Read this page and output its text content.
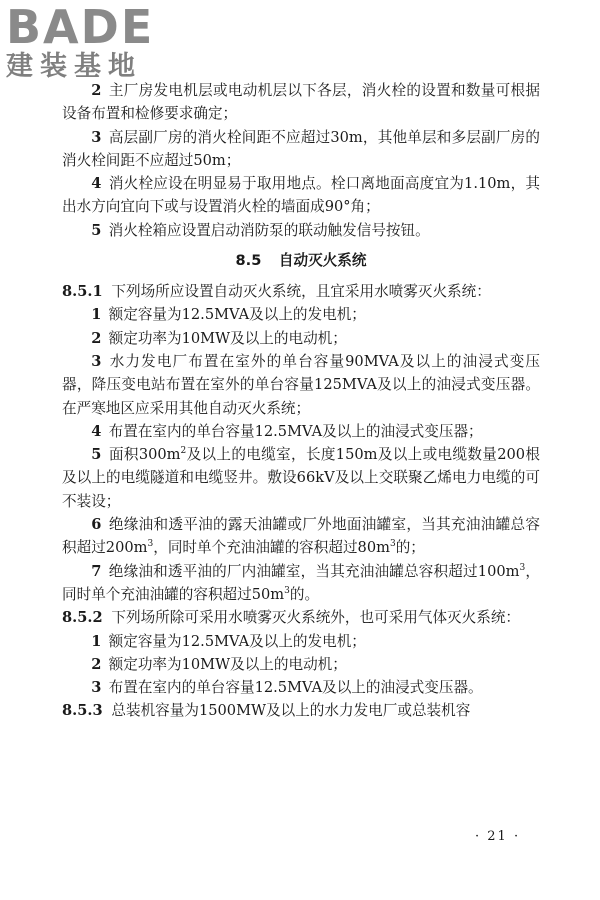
BADE
建装基地

2 主厂房发电机层或电动机层以下各层，消火栓的设置和数量可根据设备布置和检修要求确定；

3 高层副厂房的消火栓间距不应超过30m，其他单层和多层副厂房的消火栓间距不应超过50m；

4 消火栓应设在明显易于取用地点。栓口离地面高度宜为1.10m，其出水方向宜向下或与设置消火栓的墙面成90°角；

5 消火栓箱应设置启动消防泵的联动触发信号按钮。

8.5 自动灭火系统

8.5.1 下列场所应设置自动灭火系统，且宜采用水喷雾灭火系统：

1 额定容量为12.5MVA及以上的发电机；

2 额定功率为10MW及以上的电动机；

3 水力发电厂布置在室外的单台容量90MVA及以上的油浸式变压器，降压变电站布置在室外的单台容量125MVA及以上的油浸式变压器。在严寒地区应采用其他自动灭火系统；

4 布置在室内的单台容量12.5MVA及以上的油浸式变压器；

5 面积$300m^2$及以上的电缆室，长度150m及以上或电缆数量200根及以上的电缆隧道和电缆竖井。敷设66kV及以上交联聚乙烯电力电缆的可不装设；

6 绝缘油和透平油的露天油罐或厂外地面油罐室，当其充油油罐总容积超过$200m^3$，同时单个充油油罐的容积超过$80m^3$的；

7 绝缘油和透平油的厂内油罐室，当其充油油罐总容积超过$100m^3$，同时单个充油油罐的容积超过$50m^3$的。

8.5.2 下列场所除可采用水喷雾灭火系统外，也可采用气体灭火系统：

1 额定容量为12.5MVA及以上的发电机；

2 额定功率为10MW及以上的电动机；

3 布置在室内的单台容量12.5MVA及以上的油浸式变压器。

8.5.3 总装机容量为1500MW及以上的水力发电厂或总装机容

· 21 ·
